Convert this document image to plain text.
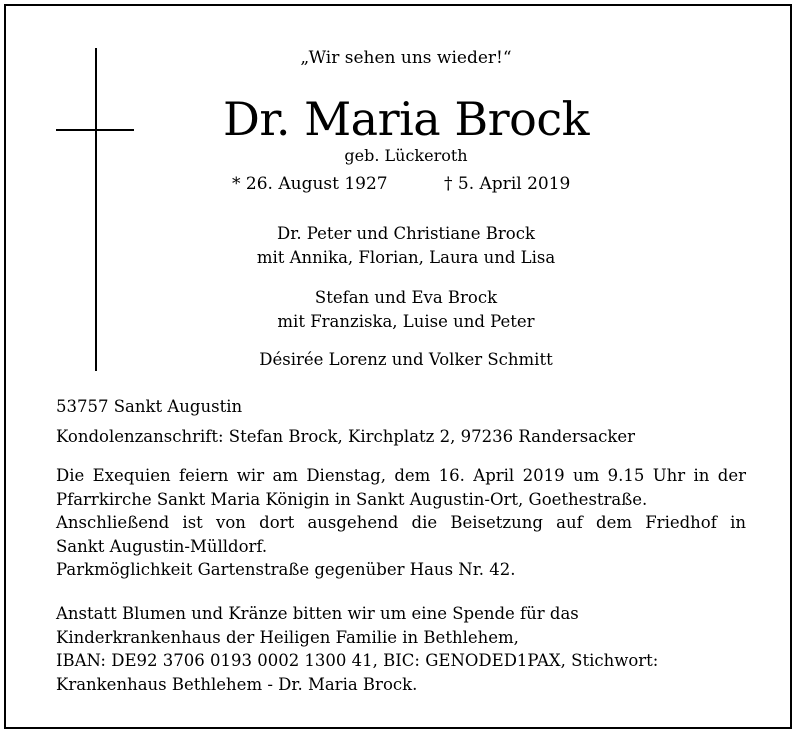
„Wir sehen uns wieder!“
Dr. Maria Brock
geb. Lückeroth
* 26. August 1927	† 5. April 2019
Dr. Peter und Christiane Brock
mit Annika, Florian, Laura und Lisa
Stefan und Eva Brock
mit Franziska, Luise und Peter
Désirée Lorenz und Volker Schmitt
53757 Sankt Augustin
Kondolenzanschrift: Stefan Brock, Kirchplatz 2, 97236 Randersacker
Die Exequien feiern wir am Dienstag, dem 16. April 2019 um 9.15 Uhr in der
Pfarrkirche Sankt Maria Königin in Sankt Augustin-Ort, Goethestraße.
Anschließend ist von dort ausgehend die Beisetzung auf dem Friedhof in
Sankt Augustin-Mülldorf.
Parkmöglichkeit Gartenstraße gegenüber Haus Nr. 42.
Anstatt Blumen und Kränze bitten wir um eine Spende für das
Kinderkrankenhaus der Heiligen Familie in Bethlehem,
IBAN: DE92 3706 0193 0002 1300 41, BIC: GENODED1PAX, Stichwort:
Krankenhaus Bethlehem - Dr. Maria Brock.
